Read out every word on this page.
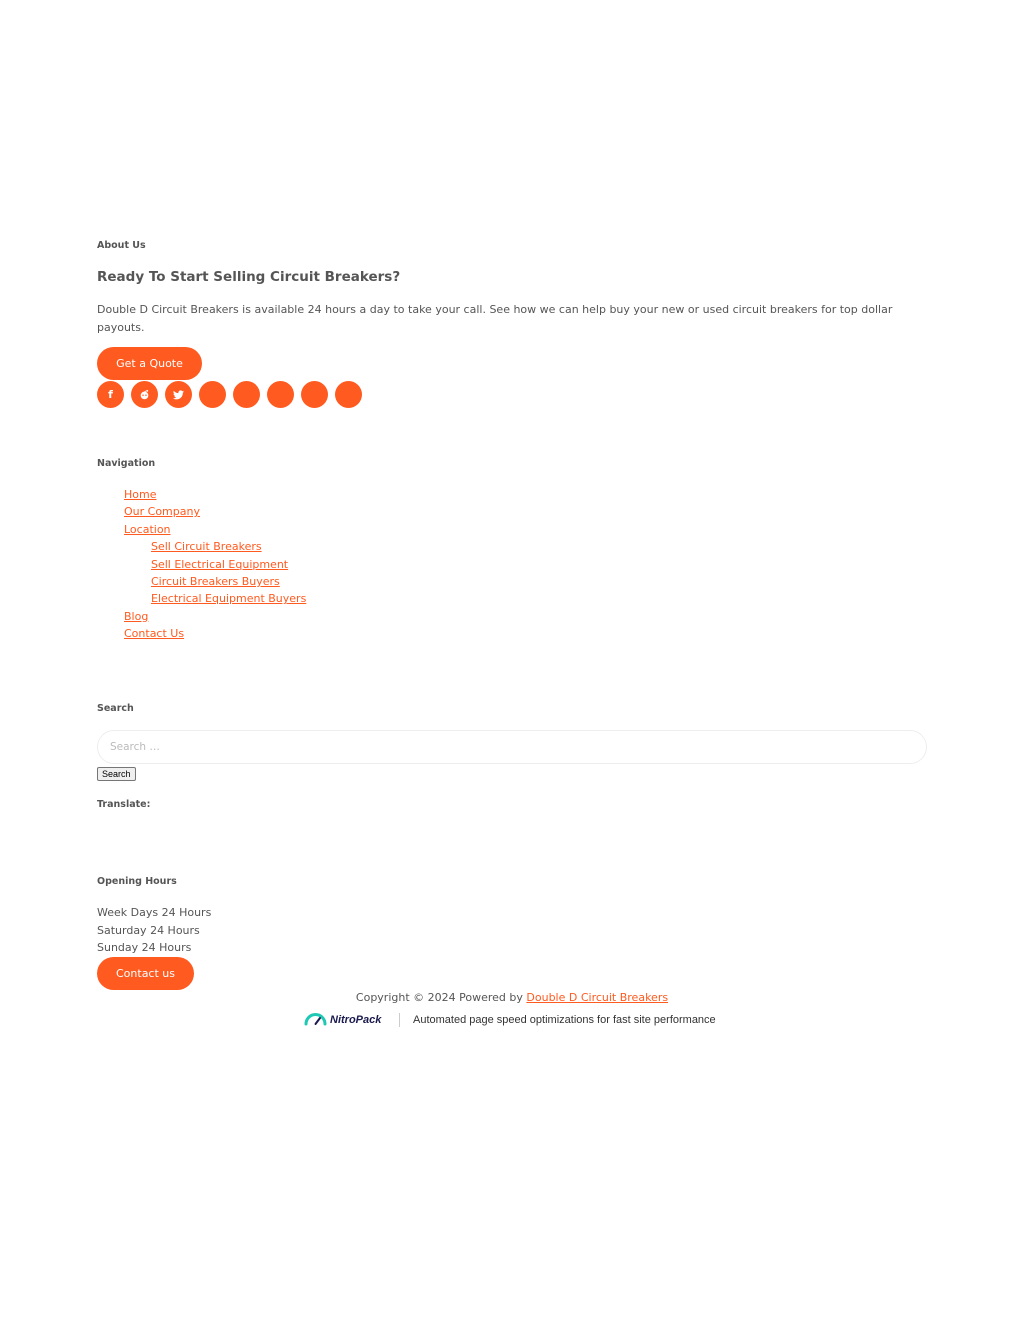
About Us
Ready To Start Selling Circuit Breakers?

Double D Circuit Breakers is available 24 hours a day to take your call. See how we can help buy your new or used circuit breakers for top dollar payouts.

Get a Quote
f
Navigation
Home
Our Company
Location
Sell Circuit Breakers
Sell Electrical Equipment
Circuit Breakers Buyers
Electrical Equipment Buyers
Blog
Contact Us
Search
Search …
Search
Translate:
Opening Hours
Week Days 24 Hours
Saturday 24 Hours
Sunday 24 Hours
Contact us

Copyright © 2024 Powered by Double D Circuit Breakers

NitroPack	Automated page speed optimizations for fast site performance
